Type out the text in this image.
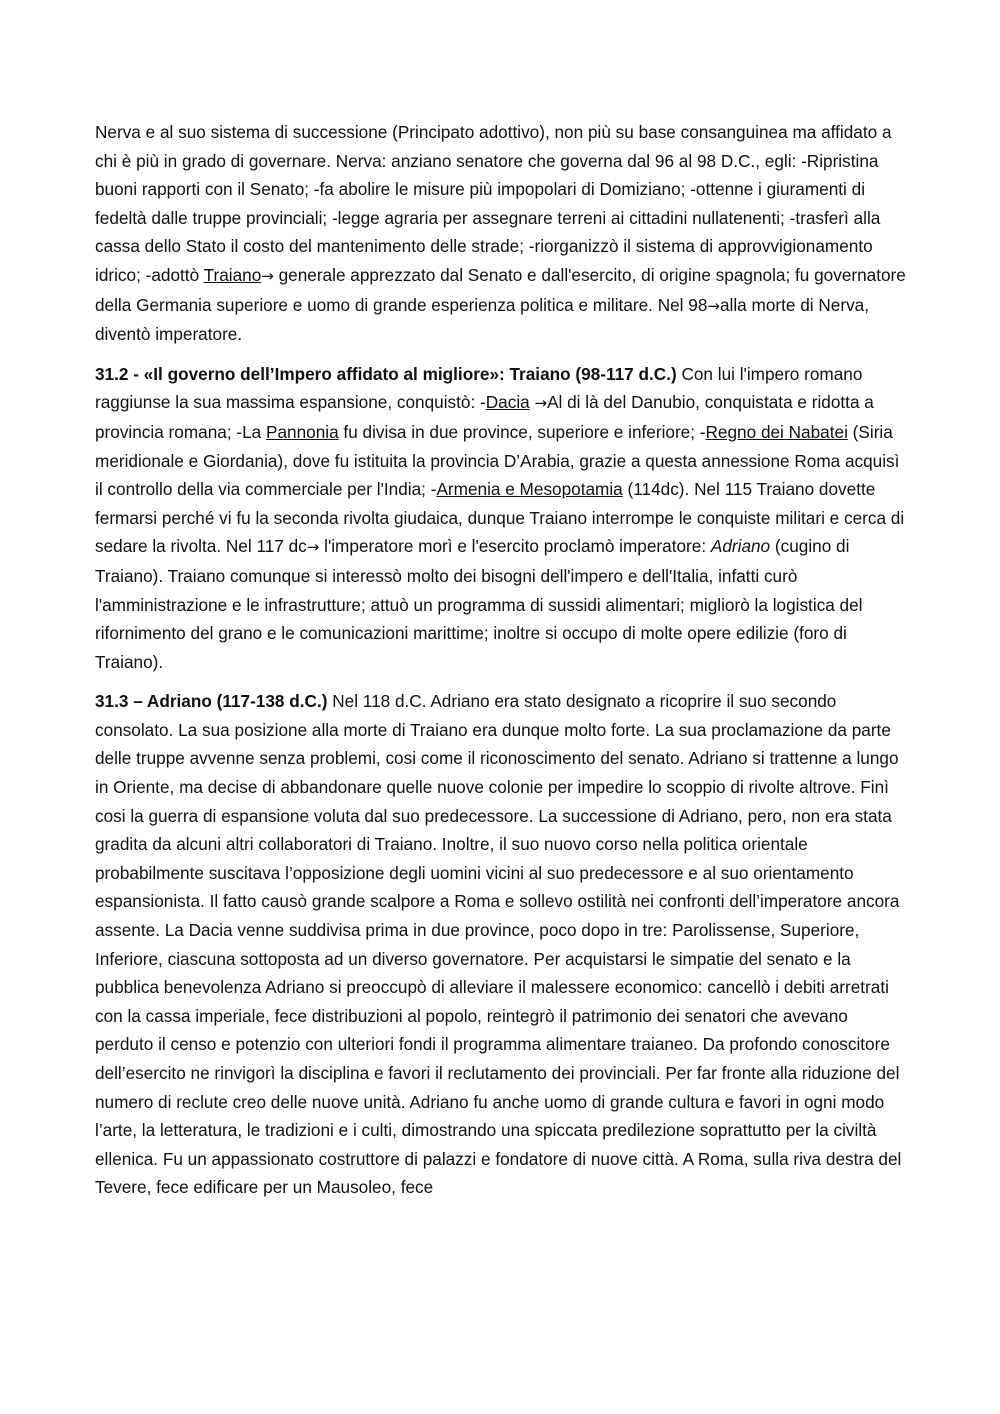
Nerva e al suo sistema di successione (Principato adottivo), non più su base consanguinea ma affidato a chi è più in grado di governare. Nerva: anziano senatore che governa dal 96 al 98 D.C., egli: -Ripristina buoni rapporti con il Senato; -fa abolire le misure più impopolari di Domiziano; -ottenne i giuramenti di fedeltà dalle truppe provinciali; -legge agraria per assegnare terreni ai cittadini nullatenenti; -trasferì alla cassa dello Stato il costo del mantenimento delle strade; -riorganizzò il sistema di approvvigionamento idrico; -adottò Traiano→ generale apprezzato dal Senato e dall'esercito, di origine spagnola; fu governatore della Germania superiore e uomo di grande esperienza politica e militare. Nel 98→alla morte di Nerva, diventò imperatore.

31.2 - «Il governo dell’Impero affidato al migliore»: Traiano (98-117 d.C.) Con lui l'impero romano raggiunse la sua massima espansione, conquistò: -Dacia →Al di là del Danubio, conquistata e ridotta a provincia romana; -La Pannonia fu divisa in due province, superiore e inferiore; -Regno dei Nabatei (Siria meridionale e Giordania), dove fu istituita la provincia D’Arabia, grazie a questa annessione Roma acquisì il controllo della via commerciale per l'India; -Armenia e Mesopotamia (114dc). Nel 115 Traiano dovette fermarsi perché vi fu la seconda rivolta giudaica, dunque Traiano interrompe le conquiste militari e cerca di sedare la rivolta. Nel 117 dc→ l'imperatore morì e l'esercito proclamò imperatore: Adriano (cugino di Traiano). Traiano comunque si interessò molto dei bisogni dell'impero e dell'Italia, infatti curò l'amministrazione e le infrastrutture; attuò un programma di sussidi alimentari; migliorò la logistica del rifornimento del grano e le comunicazioni marittime; inoltre si occupo di molte opere edilizie (foro di Traiano).

31.3 – Adriano (117-138 d.C.) Nel 118 d.C. Adriano era stato designato a ricoprire il suo secondo consolato. La sua posizione alla morte di Traiano era dunque molto forte. La sua proclamazione da parte delle truppe avvenne senza problemi, cosi come il riconoscimento del senato. Adriano si trattenne a lungo in Oriente, ma decise di abbandonare quelle nuove colonie per impedire lo scoppio di rivolte altrove. Finì cosi la guerra di espansione voluta dal suo predecessore. La successione di Adriano, pero, non era stata gradita da alcuni altri collaboratori di Traiano. Inoltre, il suo nuovo corso nella politica orientale probabilmente suscitava l’opposizione degli uomini vicini al suo predecessore e al suo orientamento espansionista. Il fatto causò grande scalpore a Roma e sollevo ostilità nei confronti dell’imperatore ancora assente. La Dacia venne suddivisa prima in due province, poco dopo in tre: Parolissense, Superiore, Inferiore, ciascuna sottoposta ad un diverso governatore. Per acquistarsi le simpatie del senato e la pubblica benevolenza Adriano si preoccupò di alleviare il malessere economico: cancellò i debiti arretrati con la cassa imperiale, fece distribuzioni al popolo, reintegrò il patrimonio dei senatori che avevano perduto il censo e potenzio con ulteriori fondi il programma alimentare traianeo. Da profondo conoscitore dell’esercito ne rinvigorì la disciplina e favori il reclutamento dei provinciali. Per far fronte alla riduzione del numero di reclute creo delle nuove unità. Adriano fu anche uomo di grande cultura e favori in ogni modo l’arte, la letteratura, le tradizioni e i culti, dimostrando una spiccata predilezione soprattutto per la civiltà ellenica. Fu un appassionato costruttore di palazzi e fondatore di nuove città. A Roma, sulla riva destra del Tevere, fece edificare per un Mausoleo, fece
